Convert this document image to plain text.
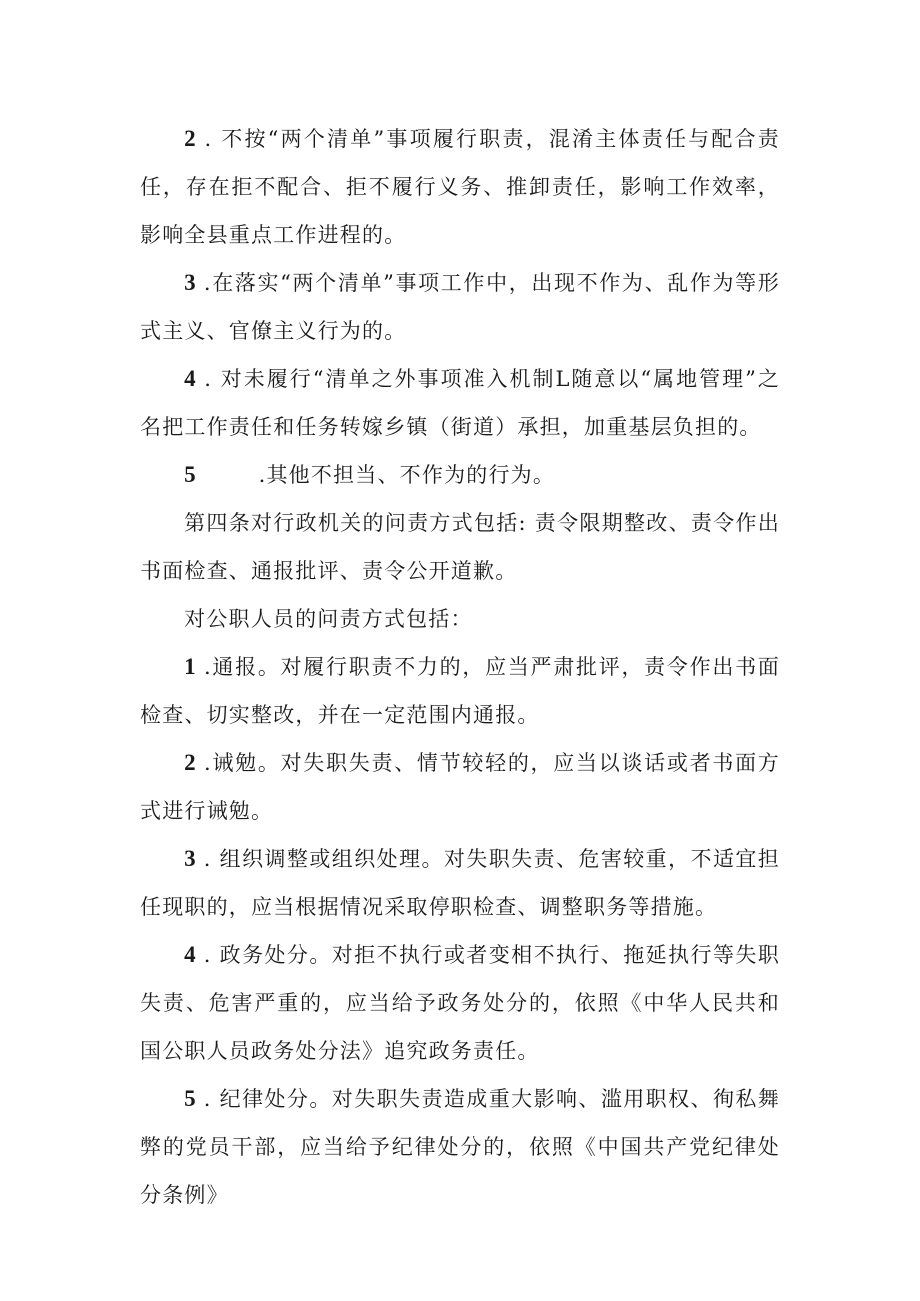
2 . 不按“两个清单”事项履行职责，混淆主体责任与配合责任，存在拒不配合、拒不履行义务、推卸责任，影响工作效率，影响全县重点工作进程的。

3 .在落实“两个清单”事项工作中，出现不作为、乱作为等形式主义、官僚主义行为的。

4 . 对未履行“清单之外事项准入机制L随意以“属地管理”之名把工作责任和任务转嫁乡镇（街道）承担，加重基层负担的。

5        .其他不担当、不作为的行为。

第四条对行政机关的问责方式包括: 责令限期整改、责令作出书面检查、通报批评、责令公开道歉。

对公职人员的问责方式包括：

1 .通报。对履行职责不力的，应当严肃批评，责令作出书面检查、切实整改，并在一定范围内通报。

2 .诫勉。对失职失责、情节较轻的，应当以谈话或者书面方式进行诫勉。

3 . 组织调整或组织处理。对失职失责、危害较重，不适宜担任现职的，应当根据情况采取停职检查、调整职务等措施。

4 . 政务处分。对拒不执行或者变相不执行、拖延执行等失职失责、危害严重的，应当给予政务处分的，依照《中华人民共和国公职人员政务处分法》追究政务责任。

5 . 纪律处分。对失职失责造成重大影响、滥用职权、徇私舞弊的党员干部，应当给予纪律处分的，依照《中国共产党纪律处分条例》
